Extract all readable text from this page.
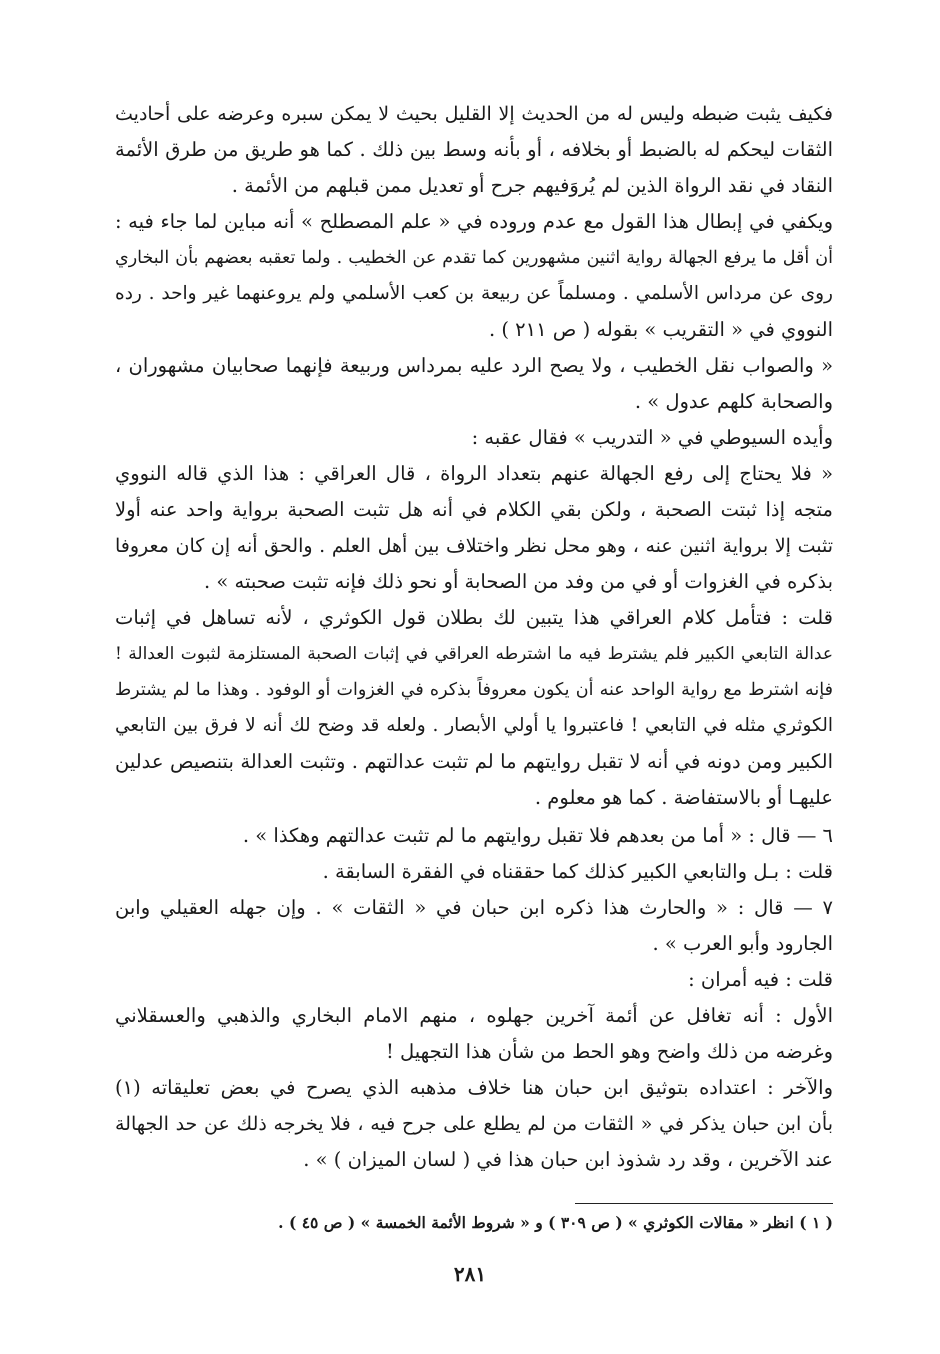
فكيف يثبت ضبطه وليس له من الحديث إلا القليل بحيث لا يمكن سبره وعرضه على أحاديث
الثقات ليحكم له بالضبط أو بخلافه ، أو بأنه وسط بين ذلك . كما هو طريق من طرق الأئمة
النقاد في نقد الرواة الذين لم يُروَفيهم جرح أو تعديل ممن قبلهم من الأئمة .
ويكفي في إبطال هذا القول مع عدم وروده في « علم المصطلح » أنه مباين لما جاء فيه :
أن أقل ما يرفع الجهالة رواية اثنين مشهورين كما تقدم عن الخطيب . ولما تعقبه بعضهم بأن البخاري
روى عن مرداس الأسلمي . ومسلماً عن ربيعة بن كعب الأسلمي ولم يروعنهما غير واحد . رده
النووي في « التقريب » بقوله ( ص ٢١١ ) .
« والصواب نقل الخطيب ، ولا يصح الرد عليه بمرداس وربيعة فإنهما صحابيان مشهوران ،
والصحابة كلهم عدول » .
وأيده السيوطي في « التدريب » فقال عقبه :
« فلا يحتاج إلى رفع الجهالة عنهم بتعداد الرواة ، قال العراقي : هذا الذي قاله النووي
متجه إذا ثبتت الصحبة ، ولكن بقي الكلام في أنه هل تثبت الصحبة برواية واحد عنه أولا
تثبت إلا برواية اثنين عنه ، وهو محل نظر واختلاف بين أهل العلم . والحق أنه إن كان معروفا
بذكره في الغزوات أو في من وفد من الصحابة أو نحو ذلك فإنه تثبت صحبته » .
قلت : فتأمل كلام العراقي هذا يتبين لك بطلان قول الكوثري ، لأنه تساهل في إثبات
عدالة التابعي الكبير فلم يشترط فيه ما اشترطه العراقي في إثبات الصحبة المستلزمة لثبوت العدالة !
فإنه اشترط مع رواية الواحد عنه أن يكون معروفاً بذكره في الغزوات أو الوفود . وهذا ما لم يشترط
الكوثري مثله في التابعي ! فاعتبروا يا أولي الأبصار . ولعله قد وضح لك أنه لا فرق بين التابعي
الكبير ومن دونه في أنه لا تقبل روايتهم ما لم تثبت عدالتهم . وتثبت العدالة بتنصيص عدلين
عليهـا أو بالاستفاضة . كما هو معلوم .
٦ — قال : « أما من بعدهم فلا تقبل روايتهم ما لم تثبت عدالتهم وهكذا » .
قلت : بـل والتابعي الكبير كذلك كما حققناه في الفقرة السابقة .
٧ — قال : « والحارث هذا ذكره ابن حبان في « الثقات » . وإن جهله العقيلي وابن
الجارود وأبو العرب » .
قلت : فيه أمران :
الأول : أنه تغافل عن أئمة آخرين جهلوه ، منهم الامام البخاري والذهبي والعسقلاني
وغرضه من ذلك واضح وهو الحط من شأن هذا التجهيل !
والآخر : اعتداده بتوثيق ابن حبان هنا خلاف مذهبه الذي يصرح في بعض تعليقاته (١)
بأن ابن حبان يذكر في « الثقات من لم يطلع على جرح فيه ، فلا يخرجه ذلك عن حد الجهالة
عند الآخرين ، وقد رد شذوذ ابن حبان هذا في ( لسان الميزان ) » .
( ١ ) انظر « مقالات الكوثري » ( ص ٣٠٩ ) و « شروط الأئمة الخمسة » ( ص ٤٥ ) .
٢٨١
